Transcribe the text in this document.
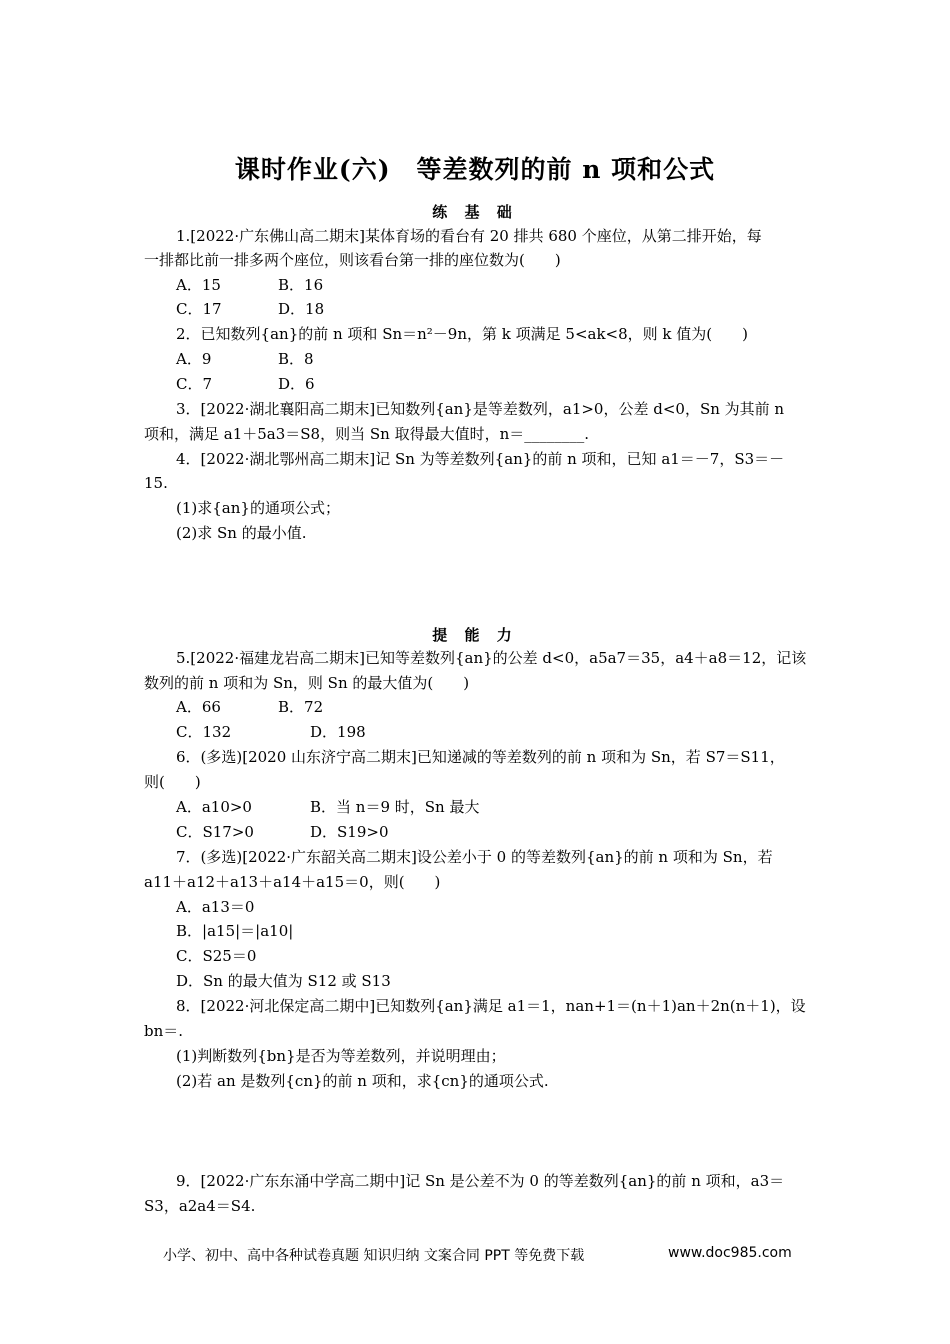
课时作业(六)　等差数列的前 n 项和公式
练 基 础
1.[2022·广东佛山高二期末]某体育场的看台有 20 排共 680 个座位，从第二排开始，每
一排都比前一排多两个座位，则该看台第一排的座位数为(　　)
A．15	B．16
C．17	D．18
2．已知数列{an}的前 n 项和 Sn＝n²－9n，第 k 项满足 5<ak<8，则 k 值为(　　)
A．9	B．8
C．7	D．6
3．[2022·湖北襄阳高二期末]已知数列{an}是等差数列，a1>0，公差 d<0，Sn 为其前 n
项和，满足 a1＋5a3＝S8，则当 Sn 取得最大值时，n＝________.
4．[2022·湖北鄂州高二期末]记 Sn 为等差数列{an}的前 n 项和，已知 a1＝－7，S3＝－
15.
(1)求{an}的通项公式；
(2)求 Sn 的最小值.
提 能 力
5.[2022·福建龙岩高二期末]已知等差数列{an}的公差 d<0，a5a7＝35，a4＋a8＝12，记该
数列的前 n 项和为 Sn，则 Sn 的最大值为(　　)
A．66	B．72
C．132	D．198
6．(多选)[2020 山东济宁高二期末]已知递减的等差数列的前 n 项和为 Sn，若 S7＝S11，
则(　　)
A．a10>0	B．当 n＝9 时，Sn 最大
C．S17>0	D．S19>0
7．(多选)[2022·广东韶关高二期末]设公差小于 0 的等差数列{an}的前 n 项和为 Sn，若
a11＋a12＋a13＋a14＋a15＝0，则(　　)
A．a13＝0
B．|a15|＝|a10|
C．S25＝0
D．Sn 的最大值为 S12 或 S13
8．[2022·河北保定高二期中]已知数列{an}满足 a1＝1，nan+1＝(n＋1)an＋2n(n＋1)，设
bn＝.
(1)判断数列{bn}是否为等差数列，并说明理由；
(2)若 an 是数列{cn}的前 n 项和，求{cn}的通项公式.
9．[2022·广东东涌中学高二期中]记 Sn 是公差不为 0 的等差数列{an}的前 n 项和，a3＝
S3，a2a4＝S4.
小学、初中、高中各种试卷真题 知识归纳 文案合同 PPT 等免费下载	www.doc985.com
